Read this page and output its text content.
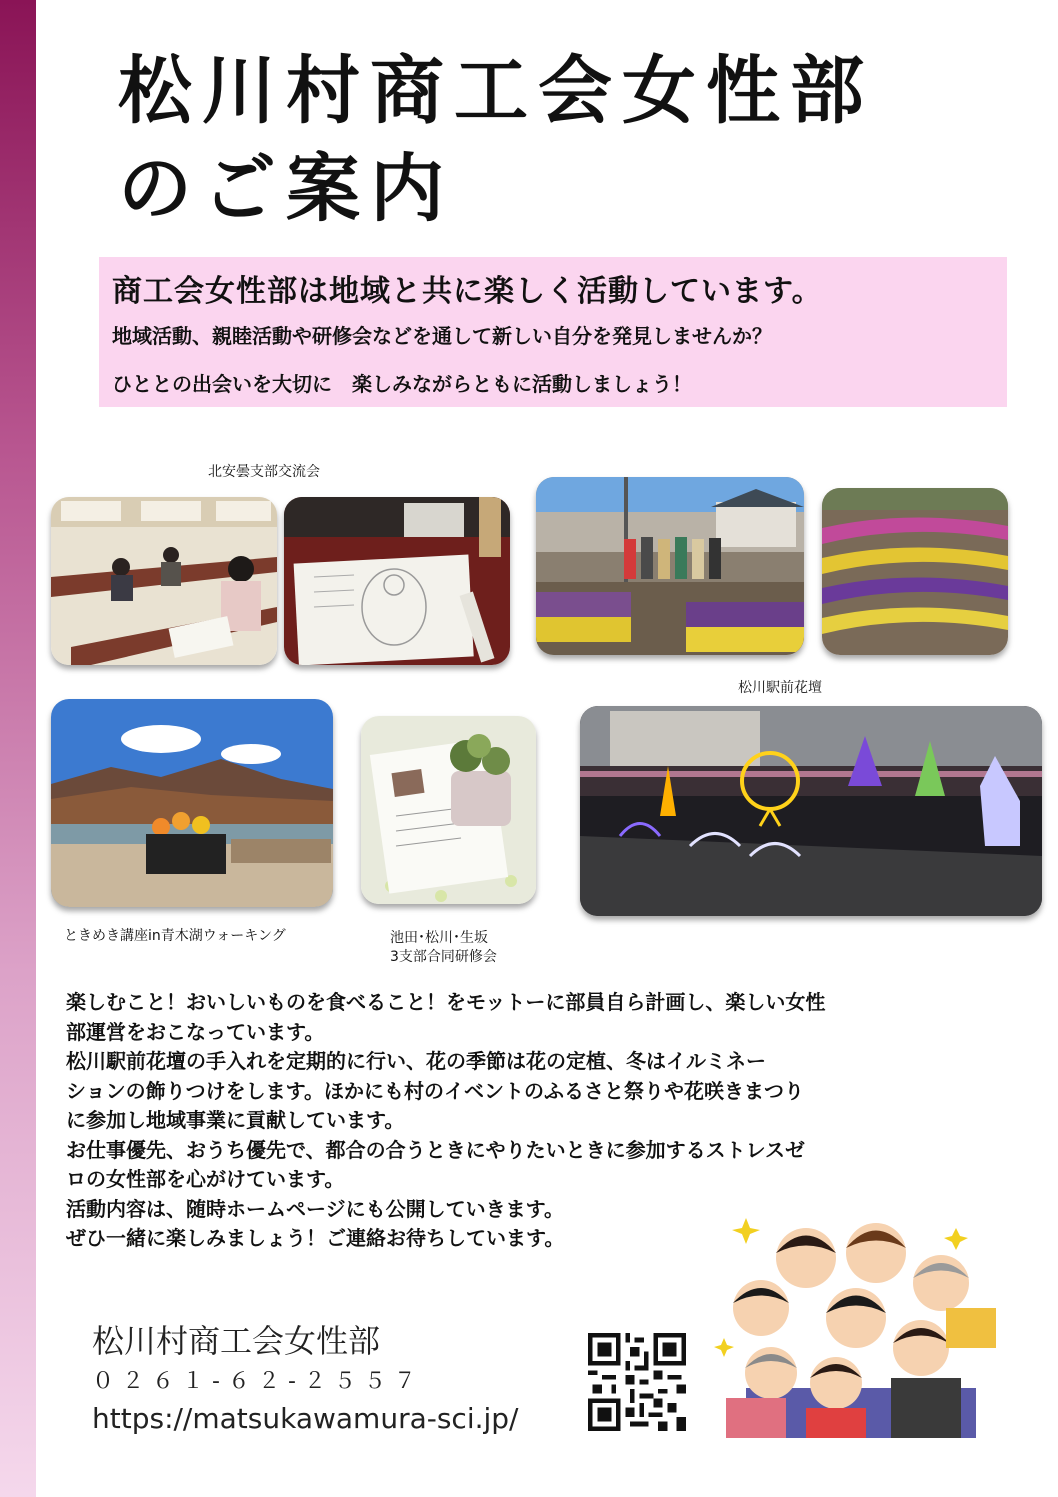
松川村商工会女性部
のご案内
商工会女性部は地域と共に楽しく活動しています。
地域活動、親睦活動や研修会などを通して新しい自分を発見しませんか？
ひととの出会いを大切に　楽しみながらともに活動しましょう！
北安曇支部交流会
松川駅前花壇
ときめき講座in青木湖ウォーキング	池田･松川･生坂
3支部合同研修会
楽しむこと！おいしいものを食べること！をモットーに部員自ら計画し、楽しい女性
部運営をおこなっています。
松川駅前花壇の手入れを定期的に行い、花の季節は花の定植、冬はイルミネー
ションの飾りつけをします。ほかにも村のイベントのふるさと祭りや花咲きまつり
に参加し地域事業に貢献しています。
お仕事優先、おうち優先で、都合の合うときにやりたいときに参加するストレスゼ
ロの女性部を心がけています。
活動内容は、随時ホームページにも公開していきます。
ぜひ一緒に楽しみましょう！ご連絡お待ちしています。
松川村商工会女性部
０２６１-６２-２５５７
https://matsukawamura-sci.jp/
